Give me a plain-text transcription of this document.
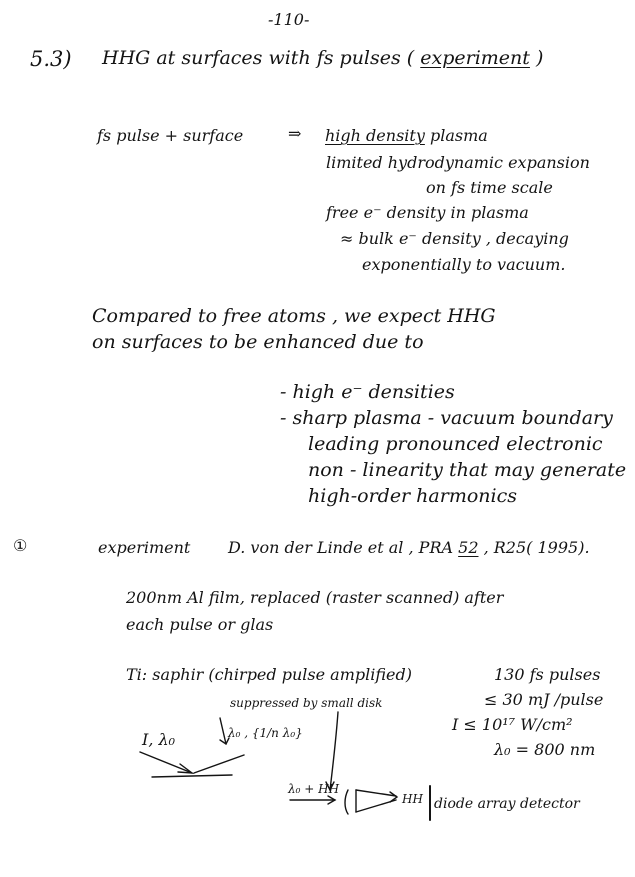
-110-
5.3) HHG at surfaces with fs pulses ( experiment )
fs pulse + surface	⇒ high density plasma
limited hydrodynamic expansion
on fs time scale
free e⁻ density in plasma
≈ bulk e⁻ density , decaying
exponentially to vacuum.
Compared to free atoms , we expect HHG
on surfaces to be enhanced due to
- high e⁻ densities
- sharp plasma - vacuum boundary
leading pronounced electronic
non - linearity that may generate
high-order harmonics
①	experiment D. von der Linde et al , PRA 52 , R25( 1995).
200nm Al film, replaced (raster scanned) after
each pulse or glas
Ti: saphir (chirped pulse amplified)	130 fs pulses
≤ 30 mJ /pulse
I ≤ 10¹⁷ W/cm²
λ₀ = 800 nm
I, λ₀	λ₀ , {1/n λ₀}
suppressed by small disk
λ₀ + HH
HH diode array detector
